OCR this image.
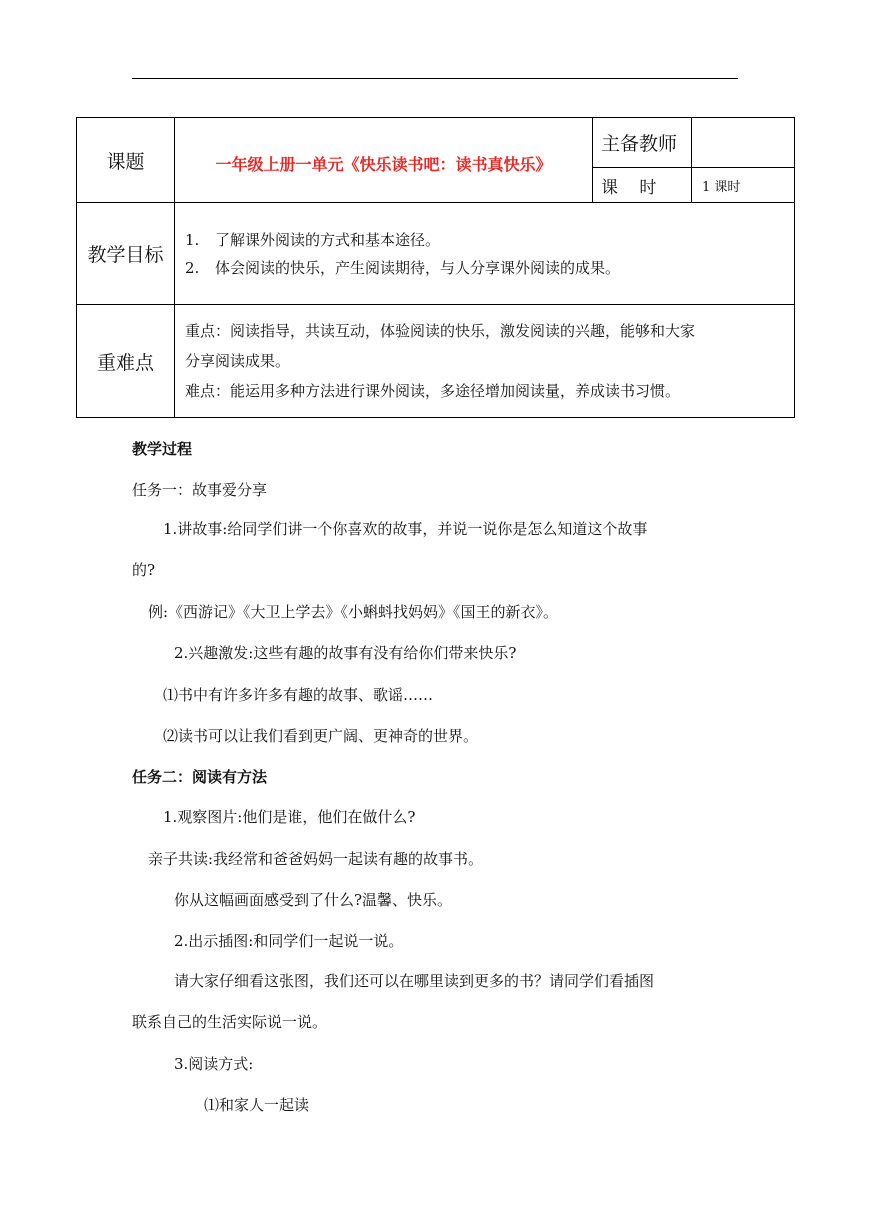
课题	一年级上册一单元《快乐读书吧：读书真快乐》	主备教师	
		课 时	1 课时
教学目标	1. 了解课外阅读的方式和基本途径。
2. 体会阅读的快乐，产生阅读期待，与人分享课外阅读的成果。		

重难点	重点：阅读指导，共读互动，体验阅读的快乐，激发阅读的兴趣，能够和大家
分享阅读成果。
难点：能运用多种方法进行课外阅读，多途径增加阅读量，养成读书习惯。		
教学过程
任务一：故事爱分享
1.讲故事:给同学们讲一个你喜欢的故事，并说一说你是怎么知道这个故事
的?
例:《西游记》《大卫上学去》《小蝌蚪找妈妈》《国王的新衣》。
2.兴趣激发:这些有趣的故事有没有给你们带来快乐?
⑴书中有许多许多有趣的故事、歌谣……
⑵读书可以让我们看到更广阔、更神奇的世界。
任务二：阅读有方法
1.观察图片:他们是谁，他们在做什么?
亲子共读:我经常和爸爸妈妈一起读有趣的故事书。
你从这幅画面感受到了什么?温馨、快乐。
2.出示插图:和同学们一起说一说。
请大家仔细看这张图，我们还可以在哪里读到更多的书？请同学们看插图
联系自己的生活实际说一说。
3.阅读方式:
⑴和家人一起读
